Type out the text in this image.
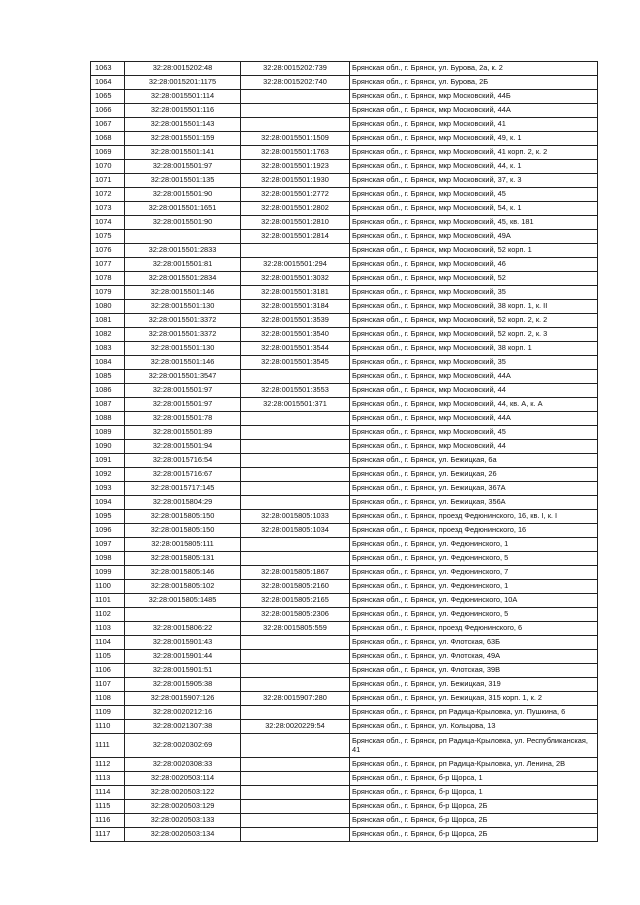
1063	32:28:0015202:48	32:28:0015202:739	Брянская обл., г. Брянск, ул. Бурова, 2а, к. 2
1064	32:28:0015201:1175	32:28:0015202:740	Брянская обл., г. Брянск, ул. Бурова, 2Б
1065	32:28:0015501:114		Брянская обл., г. Брянск, мкр Московский, 44Б
1066	32:28:0015501:116		Брянская обл., г. Брянск, мкр Московский, 44А
1067	32:28:0015501:143		Брянская обл., г. Брянск, мкр Московский, 41
1068	32:28:0015501:159	32:28:0015501:1509	Брянская обл., г. Брянск, мкр Московский, 49, к. 1
1069	32:28:0015501:141	32:28:0015501:1763	Брянская обл., г. Брянск, мкр Московский, 41 корп. 2, к. 2
1070	32:28:0015501:97	32:28:0015501:1923	Брянская обл., г. Брянск, мкр Московский, 44, к. 1
1071	32:28:0015501:135	32:28:0015501:1930	Брянская обл., г. Брянск, мкр Московский, 37, к. 3
1072	32:28:0015501:90	32:28:0015501:2772	Брянская обл., г. Брянск, мкр Московский, 45
1073	32:28:0015501:1651	32:28:0015501:2802	Брянская обл., г. Брянск, мкр Московский, 54, к. 1
1074	32:28:0015501:90	32:28:0015501:2810	Брянская обл., г. Брянск, мкр Московский, 45, кв. 181
1075		32:28:0015501:2814	Брянская обл., г. Брянск, мкр Московский, 49А
1076	32:28:0015501:2833		Брянская обл., г. Брянск, мкр Московский, 52 корп. 1
1077	32:28:0015501:81	32:28:0015501:294	Брянская обл., г. Брянск, мкр Московский, 46
1078	32:28:0015501:2834	32:28:0015501:3032	Брянская обл., г. Брянск, мкр Московский, 52
1079	32:28:0015501:146	32:28:0015501:3181	Брянская обл., г. Брянск, мкр Московский, 35
1080	32:28:0015501:130	32:28:0015501:3184	Брянская обл., г. Брянск, мкр Московский, 38 корп. 1, к. II
1081	32:28:0015501:3372	32:28:0015501:3539	Брянская обл., г. Брянск, мкр Московский, 52 корп. 2, к. 2
1082	32:28:0015501:3372	32:28:0015501:3540	Брянская обл., г. Брянск, мкр Московский, 52 корп. 2, к. 3
1083	32:28:0015501:130	32:28:0015501:3544	Брянская обл., г. Брянск, мкр Московский, 38 корп. 1
1084	32:28:0015501:146	32:28:0015501:3545	Брянская обл., г. Брянск, мкр Московский, 35
1085	32:28:0015501:3547		Брянская обл., г. Брянск, мкр Московский, 44А
1086	32:28:0015501:97	32:28:0015501:3553	Брянская обл., г. Брянск, мкр Московский, 44
1087	32:28:0015501:97	32:28:0015501:371	Брянская обл., г. Брянск, мкр Московский, 44, кв. А, к. А
1088	32:28:0015501:78		Брянская обл., г. Брянск, мкр Московский, 44А
1089	32:28:0015501:89		Брянская обл., г. Брянск, мкр Московский, 45
1090	32:28:0015501:94		Брянская обл., г. Брянск, мкр Московский, 44
1091	32:28:0015716:54		Брянская обл., г. Брянск, ул. Бежицкая, 6а
1092	32:28:0015716:67		Брянская обл., г. Брянск, ул. Бежицкая, 26
1093	32:28:0015717:145		Брянская обл., г. Брянск, ул. Бежицкая, 367А
1094	32:28:0015804:29		Брянская обл., г. Брянск, ул. Бежицкая, 356А
1095	32:28:0015805:150	32:28:0015805:1033	Брянская обл., г. Брянск, проезд Федюнинского, 16, кв. I, к. I
1096	32:28:0015805:150	32:28:0015805:1034	Брянская обл., г. Брянск, проезд Федюнинского, 16
1097	32:28:0015805:111		Брянская обл., г. Брянск, ул. Федюнинского, 1
1098	32:28:0015805:131		Брянская обл., г. Брянск, ул. Федюнинского, 5
1099	32:28:0015805:146	32:28:0015805:1867	Брянская обл., г. Брянск, ул. Федюнинского, 7
1100	32:28:0015805:102	32:28:0015805:2160	Брянская обл., г. Брянск, ул. Федюнинского, 1
1101	32:28:0015805:1485	32:28:0015805:2165	Брянская обл., г. Брянск, ул. Федюнинского, 10А
1102		32:28:0015805:2306	Брянская обл., г. Брянск, ул. Федюнинского, 5
1103	32:28:0015806:22	32:28:0015805:559	Брянская обл., г. Брянск, проезд Федюнинского, 6
1104	32:28:0015901:43		Брянская обл., г. Брянск, ул. Флотская, 63Б
1105	32:28:0015901:44		Брянская обл., г. Брянск, ул. Флотская, 49А
1106	32:28:0015901:51		Брянская обл., г. Брянск, ул. Флотская, 39В
1107	32:28:0015905:38		Брянская обл., г. Брянск, ул. Бежицкая, 319
1108	32:28:0015907:126	32:28:0015907:280	Брянская обл., г. Брянск, ул. Бежицкая, 315 корп. 1, к. 2
1109	32:28:0020212:16		Брянская обл., г. Брянск, рп Радица-Крыловка, ул. Пушкина, 6
1110	32:28:0021307:38	32:28:0020229:54	Брянская обл., г. Брянск, ул. Кольцова, 13
1111	32:28:0020302:69		Брянская обл., г. Брянск, рп Радица-Крыловка, ул. Республиканская, 41
1112	32:28:0020308:33		Брянская обл., г. Брянск, рп Радица-Крыловка, ул. Ленина, 2В
1113	32:28:0020503:114		Брянская обл., г. Брянск, б-р Щорса, 1
1114	32:28:0020503:122		Брянская обл., г. Брянск, б-р Щорса, 1
1115	32:28:0020503:129		Брянская обл., г. Брянск, б-р Щорса, 2Б
1116	32:28:0020503:133		Брянская обл., г. Брянск, б-р Щорса, 2Б
1117	32:28:0020503:134		Брянская обл., г. Брянск, б-р Щорса, 2Б
